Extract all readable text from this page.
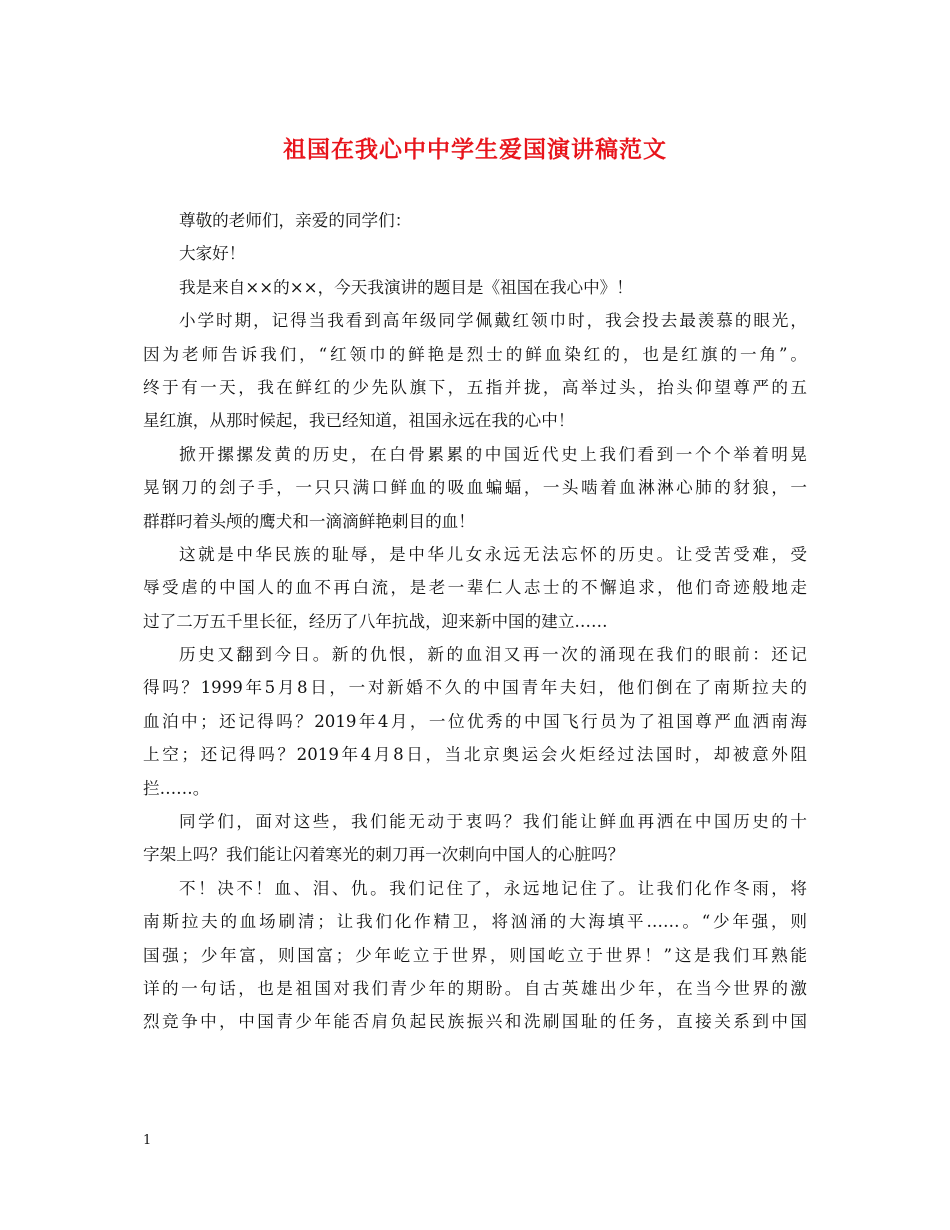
祖国在我心中中学生爱国演讲稿范文
尊敬的老师们，亲爱的同学们：
大家好！
我是来自××的××，今天我演讲的题目是《祖国在我心中》！
小学时期，记得当我看到高年级同学佩戴红领巾时，我会投去最羡慕的眼光，
因为老师告诉我们，“红领巾的鲜艳是烈士的鲜血染红的，也是红旗的一角”。
终于有一天，我在鲜红的少先队旗下，五指并拢，高举过头，抬头仰望尊严的五
星红旗，从那时候起，我已经知道，祖国永远在我的心中！
掀开摞摞发黄的历史，在白骨累累的中国近代史上我们看到一个个举着明晃
晃钢刀的刽子手，一只只满口鲜血的吸血蝙蝠，一头啮着血淋淋心肺的豺狼，一
群群叼着头颅的鹰犬和一滴滴鲜艳刺目的血！
这就是中华民族的耻辱，是中华儿女永远无法忘怀的历史。让受苦受难，受
辱受虐的中国人的血不再白流，是老一辈仁人志士的不懈追求，他们奇迹般地走
过了二万五千里长征，经历了八年抗战，迎来新中国的建立……
历史又翻到今日。新的仇恨，新的血泪又再一次的涌现在我们的眼前：还记
得吗？1999年5月8日，一对新婚不久的中国青年夫妇，他们倒在了南斯拉夫的
血泊中；还记得吗？2019年4月，一位优秀的中国飞行员为了祖国尊严血洒南海
上空；还记得吗？2019年4月8日，当北京奥运会火炬经过法国时，却被意外阻
拦……。
同学们，面对这些，我们能无动于衷吗？我们能让鲜血再洒在中国历史的十
字架上吗？我们能让闪着寒光的刺刀再一次刺向中国人的心脏吗？
不！决不！血、泪、仇。我们记住了，永远地记住了。让我们化作冬雨，将
南斯拉夫的血场刷清；让我们化作精卫，将汹涌的大海填平……。“少年强，则
国强；少年富，则国富；少年屹立于世界，则国屹立于世界！”这是我们耳熟能
详的一句话，也是祖国对我们青少年的期盼。自古英雄出少年，在当今世界的激
烈竞争中，中国青少年能否肩负起民族振兴和洗刷国耻的任务，直接关系到中国
1
